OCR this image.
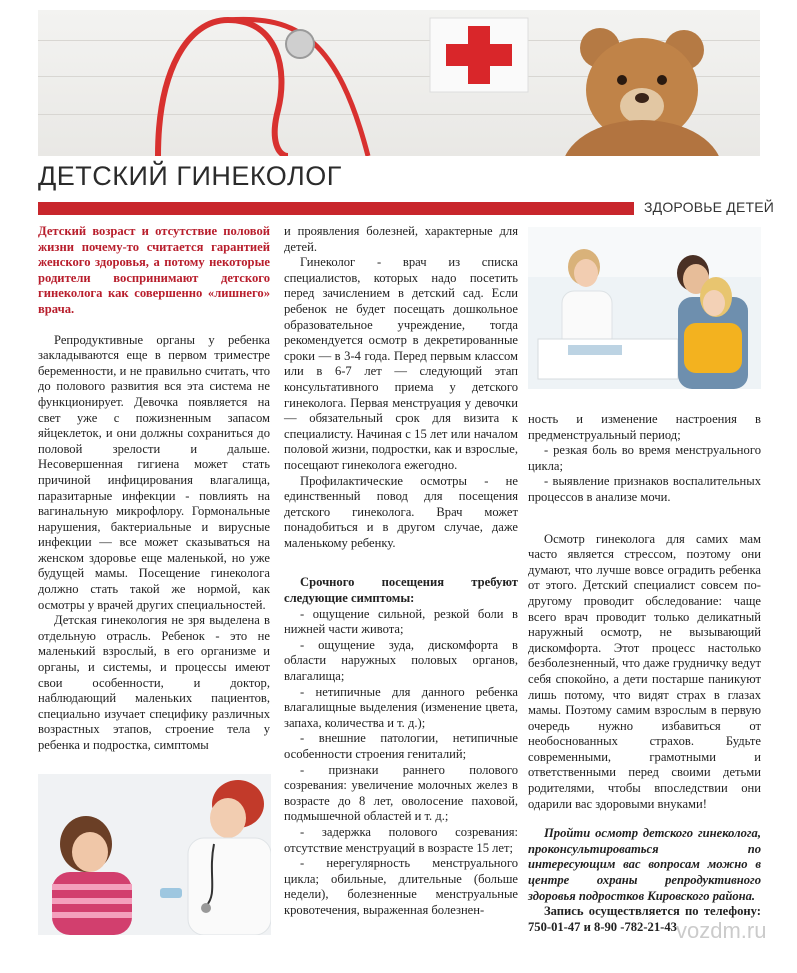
ДЕТСКИЙ ГИНЕКОЛОГ
ЗДОРОВЬЕ ДЕТЕЙ

Детский возраст и отсутствие половой жизни почему-то считается гарантией женского здоровья, а потому некоторые родители воспринимают детского гинеколога как совершенно «лишнего» врача.

Репродуктивные органы у ребенка закладываются еще в первом триместре беременности, и не правильно считать, что до полового развития вся эта система не функционирует. Девочка появляется на свет уже с пожизненным запасом яйцеклеток, и они должны сохраниться до половой зрелости и дальше. Несовершенная гигиена может стать причиной инфицирования влагалища, паразитарные инфекции - повлиять на вагинальную микрофлору. Гормональные нарушения, бактериальные и вирусные инфекции — все может сказываться на женском здоровье еще маленькой, но уже будущей мамы. Посещение гинеколога должно стать такой же нормой, как осмотры у врачей других специальностей.

Детская гинекология не зря выделена в отдельную отрасль. Ребенок - это не маленький взрослый, в его организме и органы, и системы, и процессы имеют свои особенности, и доктор, наблюдающий маленьких пациентов, специально изучает специфику различных возрастных этапов, строение тела у ребенка и подростка, симптомы

и проявления болезней, характерные для детей.

Гинеколог - врач из списка специалистов, которых надо посетить перед зачислением в детский сад. Если ребенок не будет посещать дошкольное образовательное учреждение, тогда рекомендуется осмотр в декретированные сроки — в 3-4 года. Перед первым классом или в 6-7 лет — следующий этап консультативного приема у детского гинеколога. Первая менструация у девочки — обязательный срок для визита к специалисту. Начиная с 15 лет или началом половой жизни, подростки, как и взрослые, посещают гинеколога ежегодно.

Профилактические осмотры - не единственный повод для посещения детского гинеколога. Врач может понадобиться и в другом случае, даже маленькому ребенку.

Срочного посещения требуют следующие симптомы:

- ощущение сильной, резкой боли в нижней части живота;

- ощущение зуда, дискомфорта в области наружных половых органов, влагалища;

- нетипичные для данного ребенка влагалищные выделения (изменение цвета, запаха, количества и т. д.);

- внешние патологии, нетипичные особенности строения гениталий;

- признаки раннего полового созревания: увеличение молочных желез в возрасте до 8 лет, оволосение паховой, подмышечной областей и т. д.;

- задержка полового созревания: отсутствие менструаций в возрасте 15 лет;

- нерегулярность менструального цикла; обильные, длительные (больше недели), болезненные менструальные кровотечения, выраженная болезнен-

ность и изменение настроения в предменструальный период;

- резкая боль во время менструального цикла;

- выявление признаков воспалительных процессов в анализе мочи.

Осмотр гинеколога для самих мам часто является стрессом, поэтому они думают, что лучше вовсе оградить ребенка от этого. Детский специалист совсем по-другому проводит обследование: чаще всего врач проводит только деликатный наружный осмотр, не вызывающий дискомфорта. Этот процесс настолько безболезненный, что даже грудничку ведут себя спокойно, а дети постарше паникуют лишь потому, что видят страх в глазах мамы. Поэтому самим взрослым в первую очередь нужно избавиться от необоснованных страхов. Будьте современными, грамотными и ответственными перед своими детьми родителями, чтобы впоследствии они одарили вас здоровыми внуками!

Пройти осмотр детского гинеколога, проконсультироваться по интересующим вас вопросам можно в центре охраны репродуктивного здоровья подростков Кировского района.

Запись осуществляется по телефону: 750-01-47 и 8-90 -782-21-43 vozdm.ru
